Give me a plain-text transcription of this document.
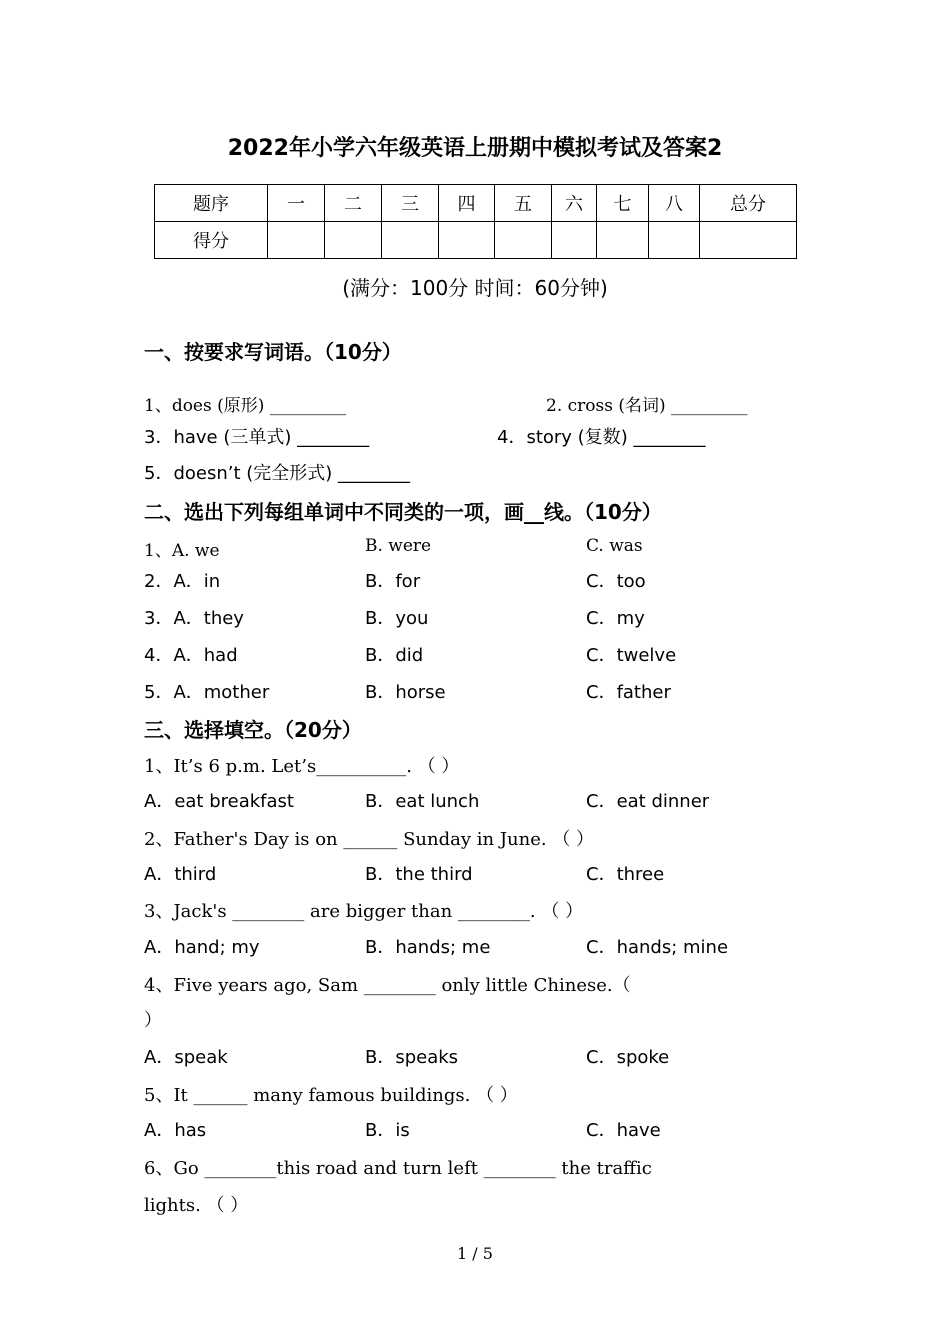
2022年小学六年级英语上册期中模拟考试及答案2
题序	一	二	三	四	五	六	七	八	总分
得分									
(满分：100分 时间：60分钟)
一、按要求写词语。（10分）
1、does (原形) _________	2. cross (名词) _________
3．have (三单式) ________	4．story (复数) ________
5．doesn’t (完全形式) ________
二、选出下列每组单词中不同类的一项，画__线。（10分）
1、A. we	B. were	C. was
2．A．in	B．for	C．too
3．A．they	B．you	C．my
4．A．had	B．did	C．twelve
5．A．mother	B．horse	C．father
三、选择填空。（20分）
1、It’s 6 p.m. Let’s__________. （ ）
A．eat breakfast	B．eat lunch	C．eat dinner
2、Father's Day is on ______ Sunday in June. （ ）
A．third	B．the third	C．three
3、Jack's ________ are bigger than ________. （ ）
A．hand; my	B．hands; me	C．hands; mine
4、Five years ago, Sam ________ only little Chinese.（
）
A．speak	B．speaks	C．spoke
5、It ______ many famous buildings. （ ）
A．has	B．is	C．have
6、Go ________this road and turn left ________ the traffic
lights. （ ）
1 / 5
